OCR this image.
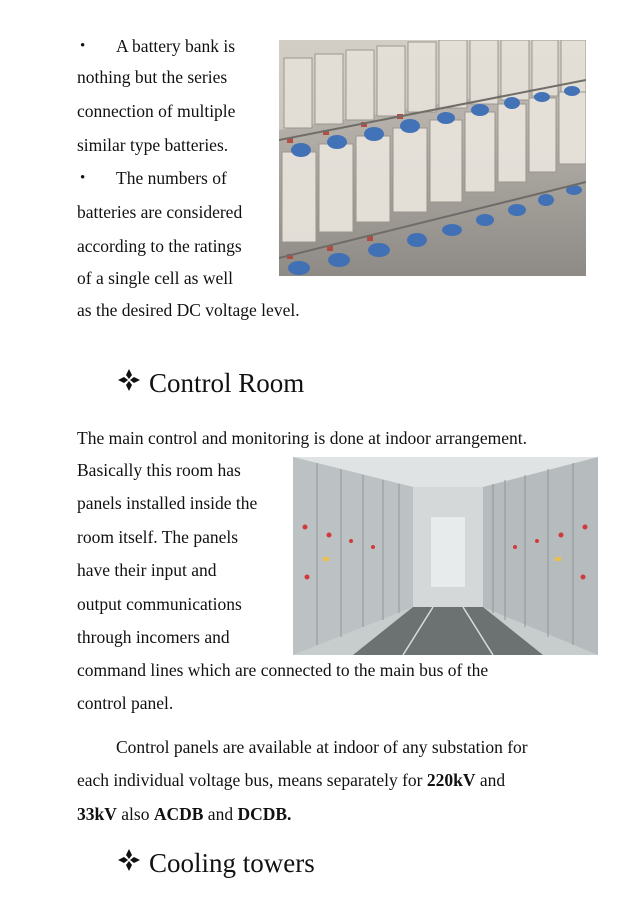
• A battery bank is
nothing but the series
connection of multiple
similar type batteries.
• The numbers of
batteries are considered
according to the ratings
of a single cell as well
as the desired DC voltage level.
Control Room
The main control and monitoring is done at indoor arrangement.
Basically this room has
panels installed inside the
room itself. The panels
have their input and
output communications
through incomers and
command lines which are connected to the main bus of the
control panel.
Control panels are available at indoor of any substation for
each individual voltage bus, means separately for 220kV and
33kV also ACDB and DCDB.
Cooling towers
